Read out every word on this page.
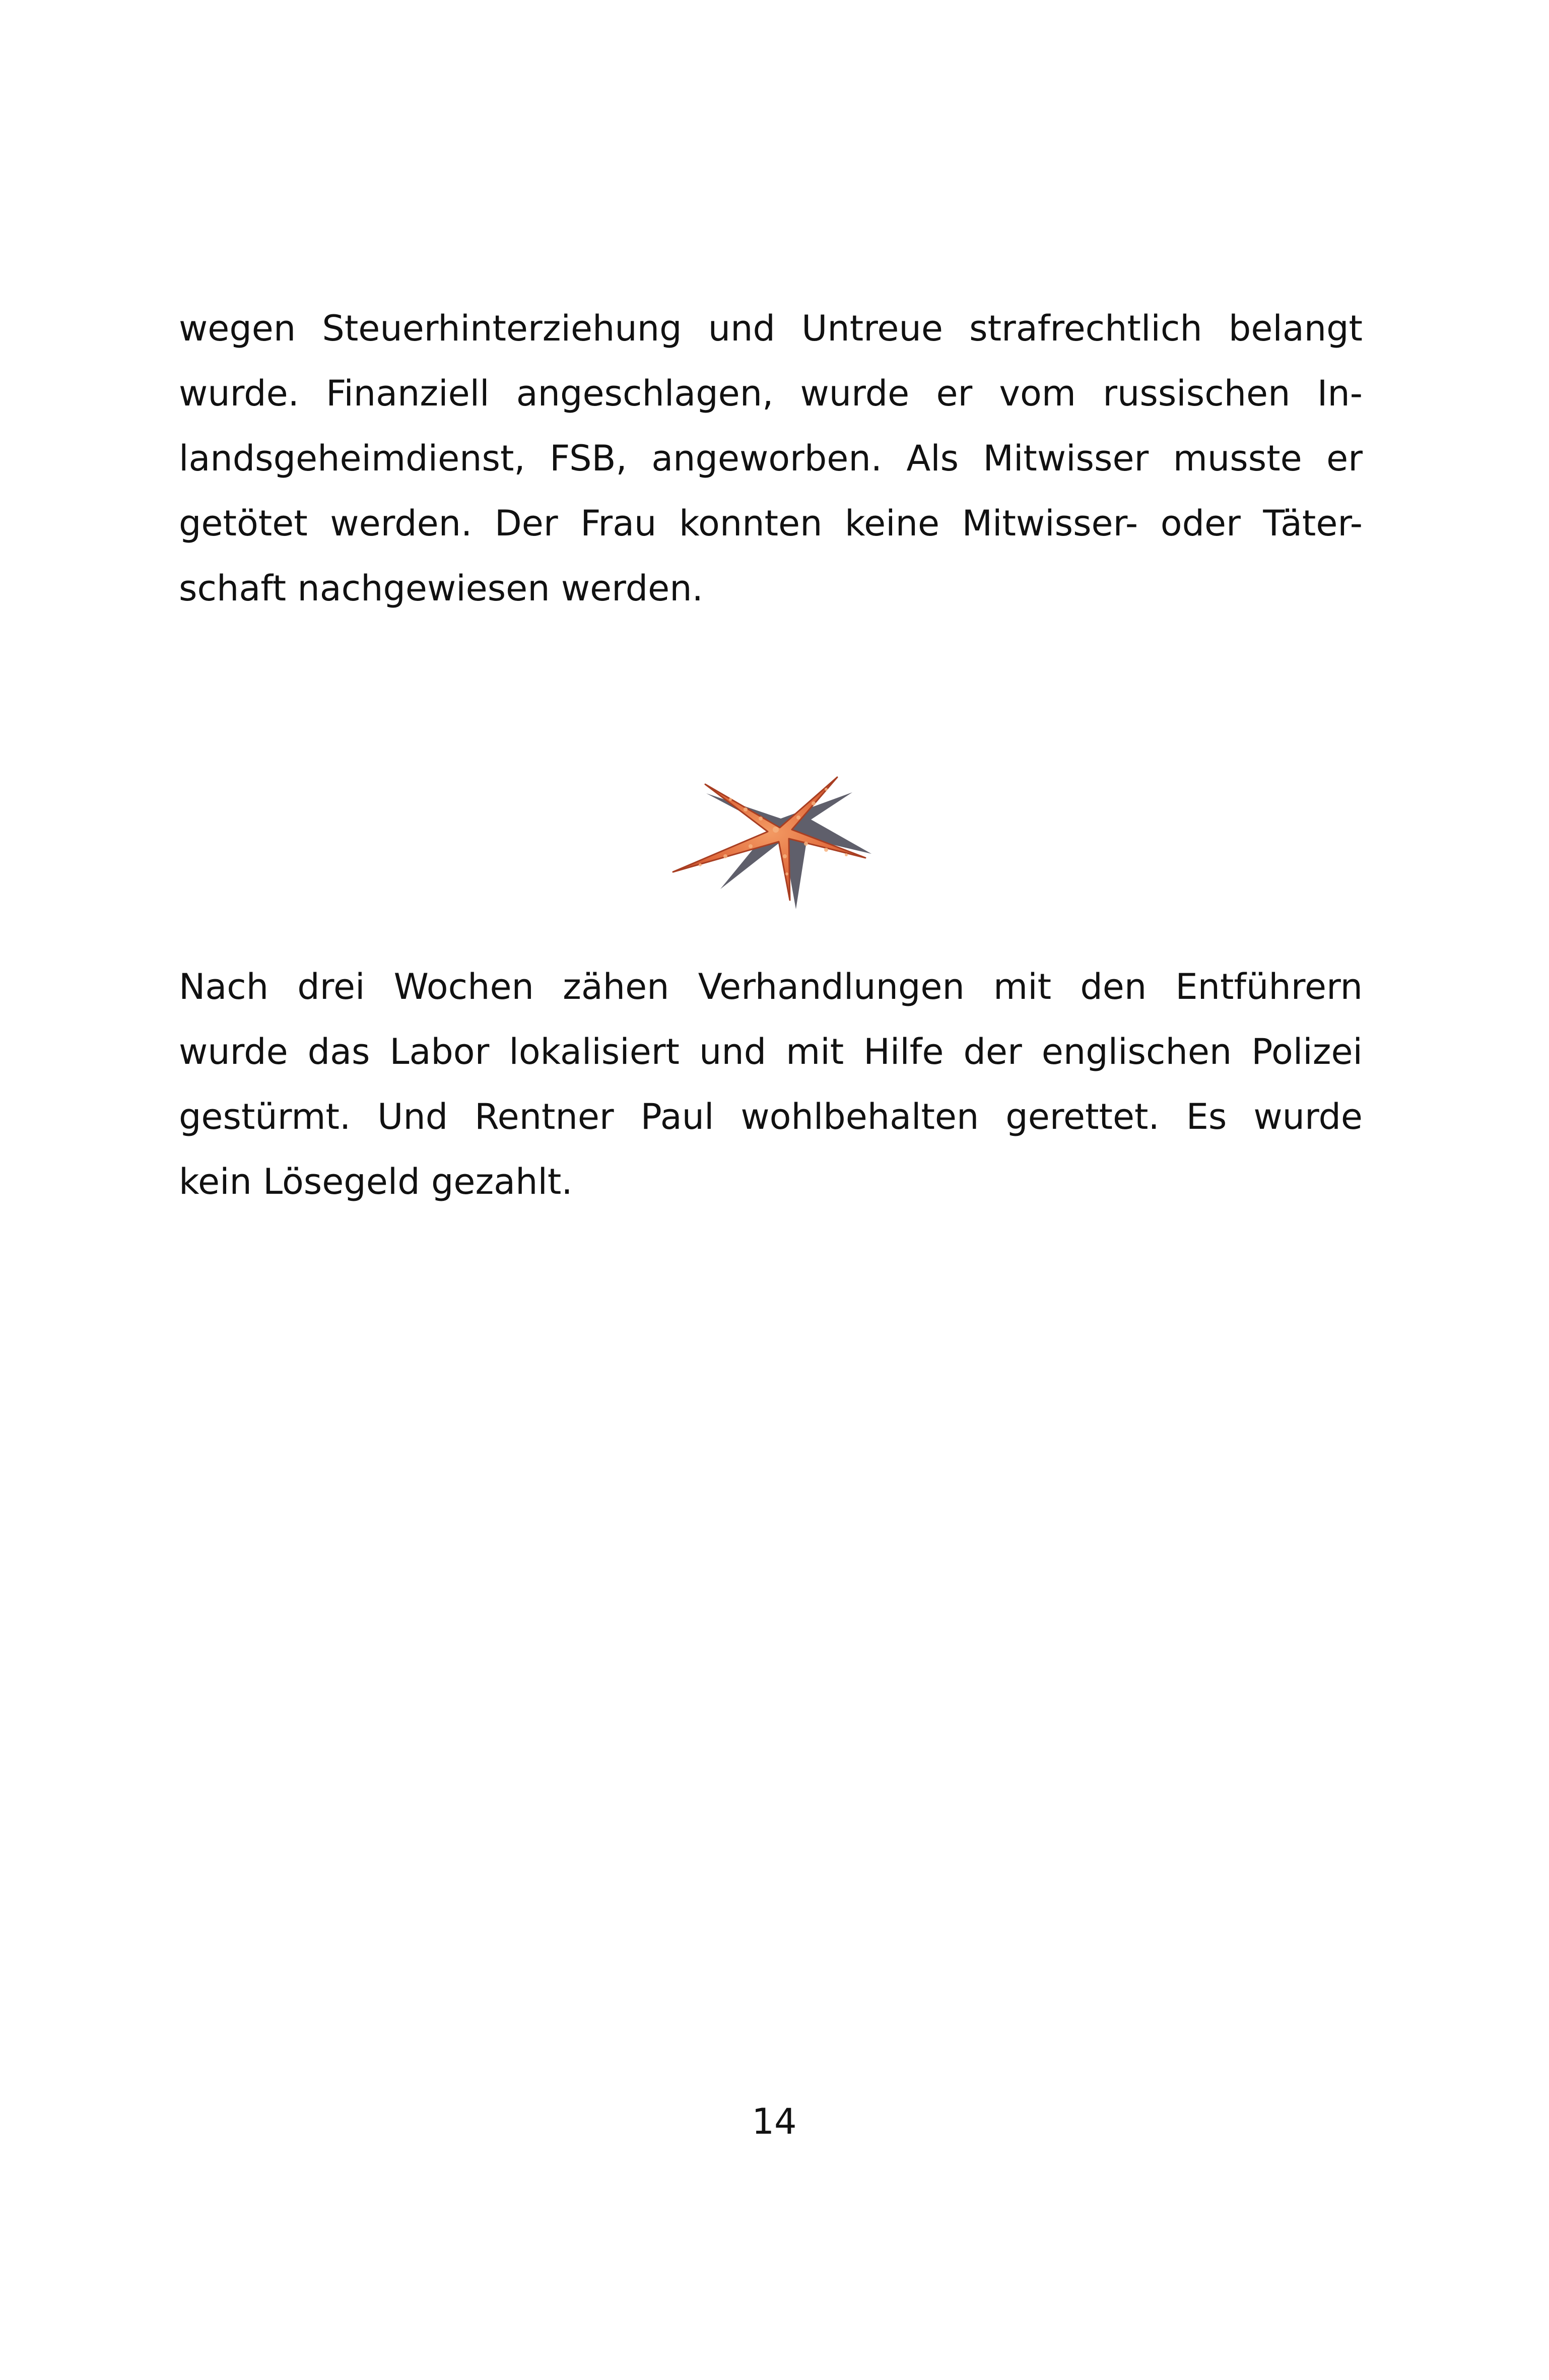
wegen Steuerhinterziehung und Untreue strafrechtlich belangt
wurde. Finanziell angeschlagen, wurde er vom russischen In-
landsgeheimdienst, FSB, angeworben. Als Mitwisser musste er
getötet werden. Der Frau konnten keine Mitwisser- oder Täter-
schaft nachgewiesen werden.

Nach drei Wochen zähen Verhandlungen mit den Entführern
wurde das Labor lokalisiert und mit Hilfe der englischen Polizei
gestürmt. Und Rentner Paul wohlbehalten gerettet. Es wurde
kein Lösegeld gezahlt.

14
